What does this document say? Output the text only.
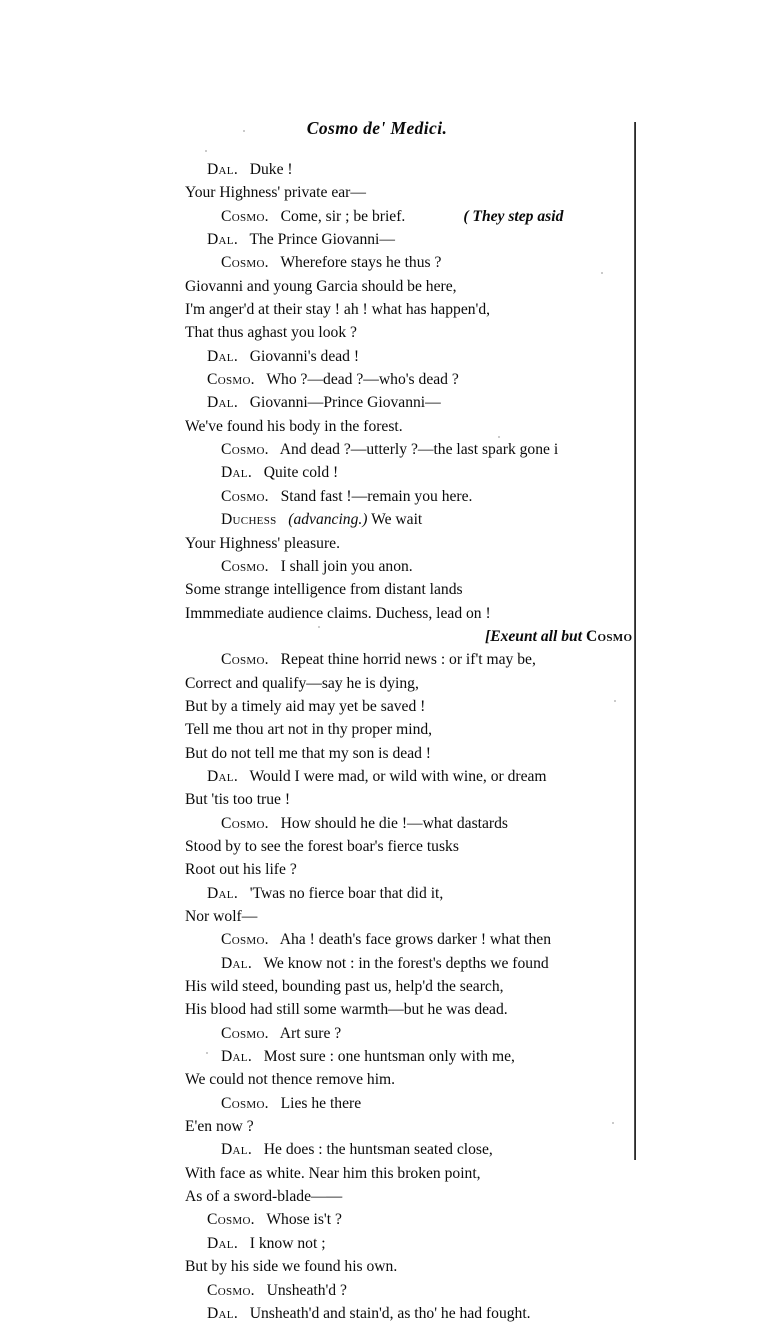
Cosmo de' Medici.
Dal.  Duke !
Your Highness' private ear—
Cosmo.  Come, sir ; be brief.	( They step asid
Dal.  The Prince Giovanni—
Cosmo.  Wherefore stays he thus ?
Giovanni and young Garcia should be here,
I'm anger'd at their stay ! ah ! what has happen'd,
That thus aghast you look ?
Dal.  Giovanni's dead !
Cosmo.  Who ?—dead ?—who's dead ?
Dal.  Giovanni—Prince Giovanni—
We've found his body in the forest.
Cosmo.  And dead ?—utterly ?—the last spark gone i
Dal.  Quite cold !
Cosmo.  Stand fast !—remain you here.
Duchess  (advancing.) We wait
Your Highness' pleasure.
Cosmo.  I shall join you anon.
Some strange intelligence from distant lands
Immmediate audience claims. Duchess, lead on !
[Exeunt all but Cosmo
Cosmo.  Repeat thine horrid news : or if't may be,
Correct and qualify—say he is dying,
But by a timely aid may yet be saved !
Tell me thou art not in thy proper mind,
But do not tell me that my son is dead !
Dal.  Would I were mad, or wild with wine, or dream
But 'tis too true !
Cosmo.  How should he die !—what dastards
Stood by to see the forest boar's fierce tusks
Root out his life ?
Dal.  'Twas no fierce boar that did it,
Nor wolf—
Cosmo.  Aha ! death's face grows darker ! what then
Dal.  We know not : in the forest's depths we found
His wild steed, bounding past us, help'd the search,
His blood had still some warmth—but he was dead.
Cosmo.  Art sure ?
Dal.  Most sure : one huntsman only with me,
We could not thence remove him.
Cosmo.  Lies he there
E'en now ?
Dal.  He does : the huntsman seated close,
With face as white. Near him this broken point,
As of a sword-blade——
Cosmo.  Whose is't ?
Dal.  I know not ;
But by his side we found his own.
Cosmo.  Unsheath'd ?
Dal.  Unsheath'd and stain'd, as tho' he had fought.
